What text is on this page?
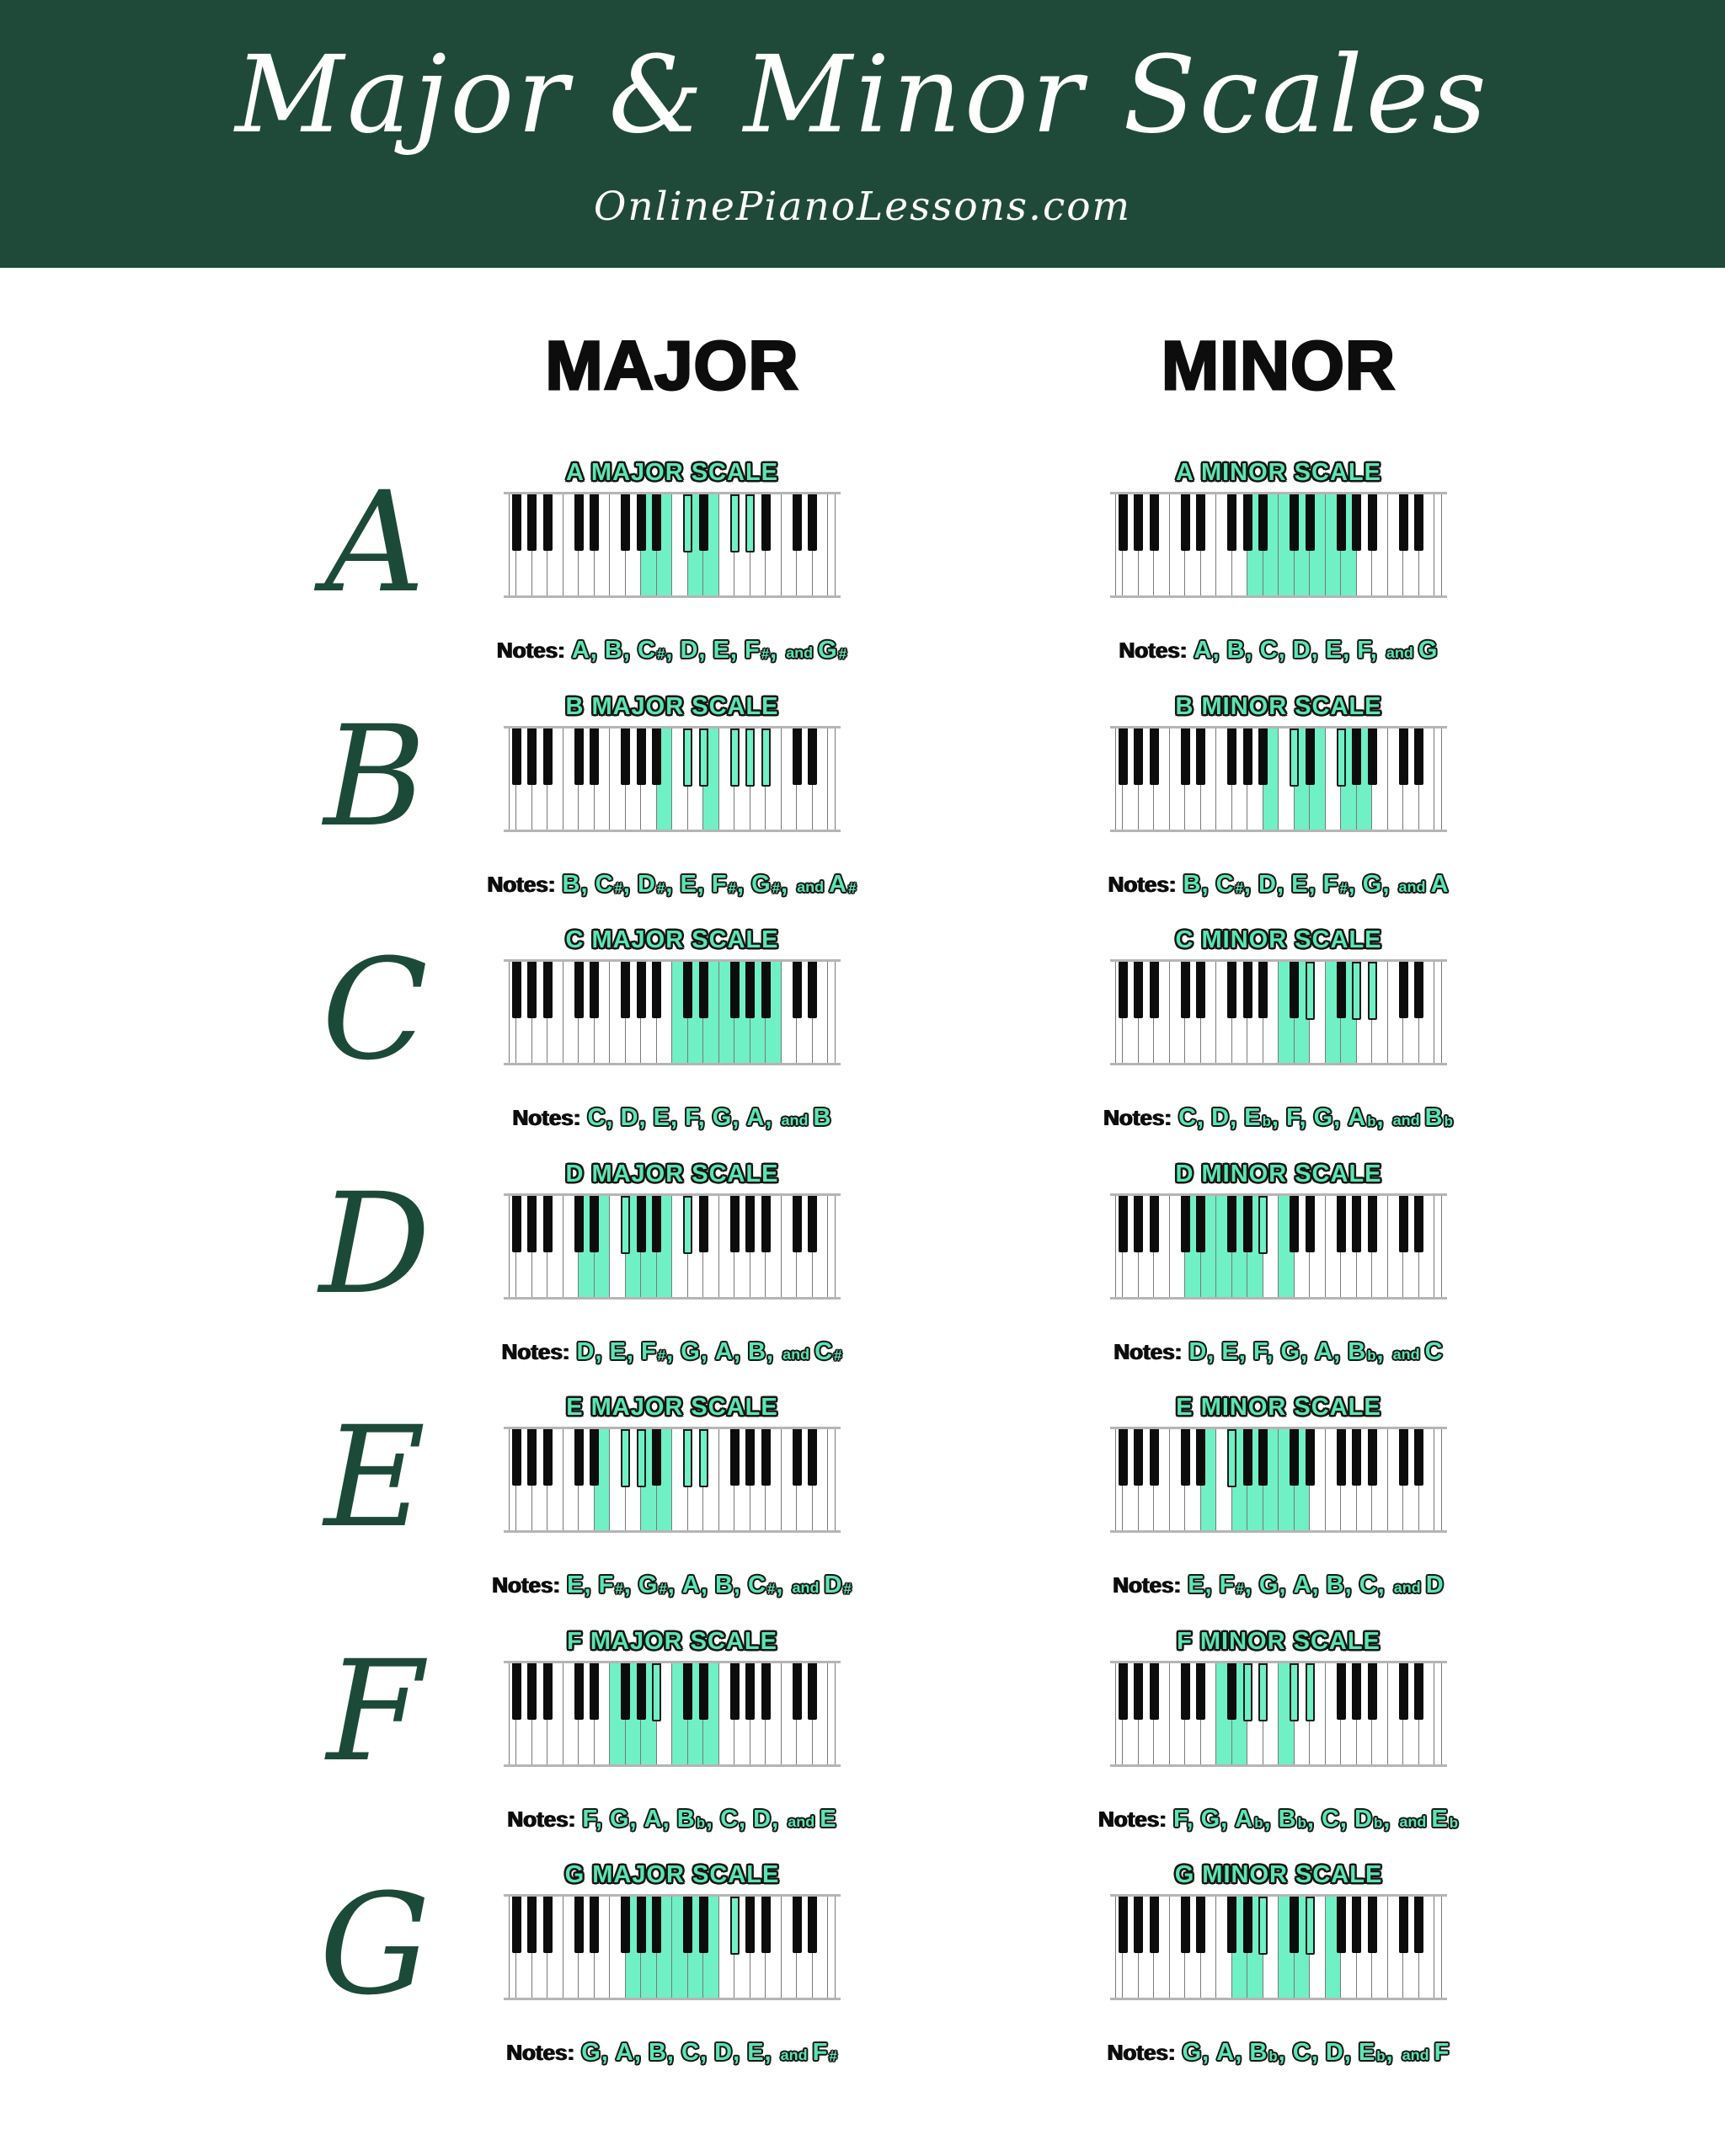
Major & Minor Scales
OnlinePianoLessons.com
MAJOR	MINOR
A	A MAJOR SCALE
Notes: A, B, C#, D, E, F#, and G#
A MINOR SCALE
Notes: A, B, C, D, E, F, and G
B	B MAJOR SCALE
Notes: B, C#, D#, E, F#, G#, and A#
B MINOR SCALE
Notes: B, C#, D, E, F#, G, and A
C	C MAJOR SCALE
Notes: C, D, E, F, G, A, and B
C MINOR SCALE
Notes: C, D, Eb, F, G, Ab, and Bb
D	D MAJOR SCALE
Notes: D, E, F#, G, A, B, and C#
D MINOR SCALE
Notes: D, E, F, G, A, Bb, and C
E	E MAJOR SCALE
Notes: E, F#, G#, A, B, C#, and D#
E MINOR SCALE
Notes: E, F#, G, A, B, C, and D
F	F MAJOR SCALE
Notes: F, G, A, Bb, C, D, and E
F MINOR SCALE
Notes: F, G, Ab, Bb, C, Db, and Eb
G	G MAJOR SCALE
Notes: G, A, B, C, D, E, and F#
G MINOR SCALE
Notes: G, A, Bb, C, D, Eb, and F
